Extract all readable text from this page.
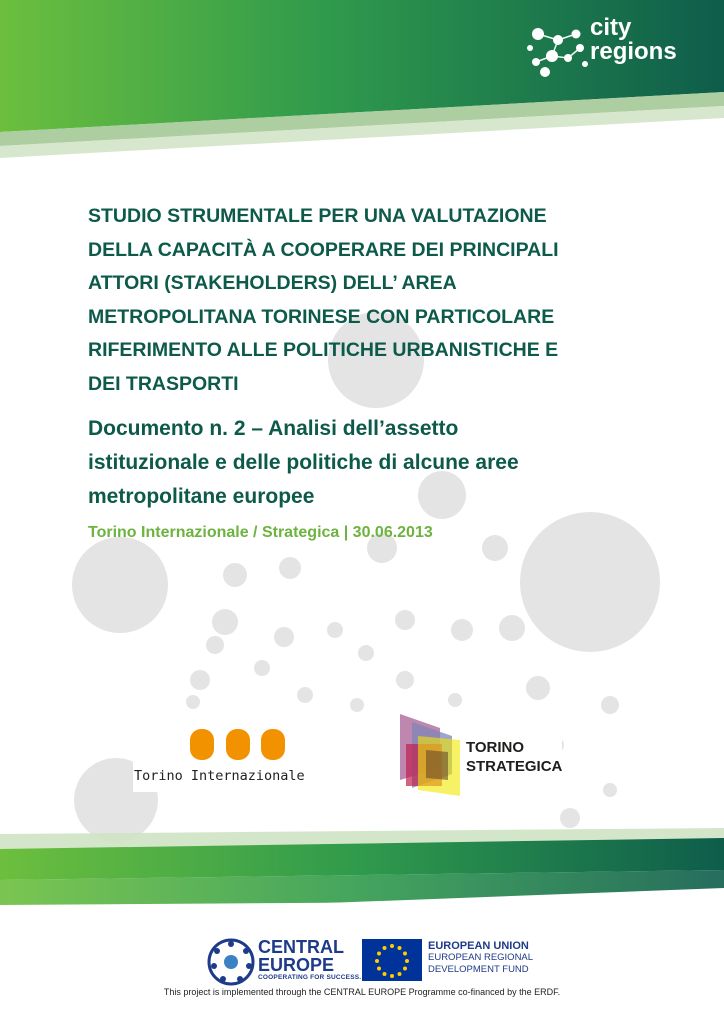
city
regions
STUDIO STRUMENTALE PER UNA VALUTAZIONE
DELLA CAPACITÀ A COOPERARE DEI PRINCIPALI
ATTORI (STAKEHOLDERS) DELL’ AREA
METROPOLITANA TORINESE CON PARTICOLARE
RIFERIMENTO ALLE POLITICHE URBANISTICHE E
DEI TRASPORTI
Documento n. 2 – Analisi dell’assetto
istituzionale e delle politiche di alcune aree
metropolitane europee

Torino Internazionale / Strategica | 30.06.2013

Torino Internazionale
TORINO
STRATEGICA
CENTRAL
EUROPE
COOPERATING FOR SUCCESS.
EUROPEAN UNION
EUROPEAN REGIONAL
DEVELOPMENT FUND

This project is implemented through the CENTRAL EUROPE Programme co-financed by the ERDF.
